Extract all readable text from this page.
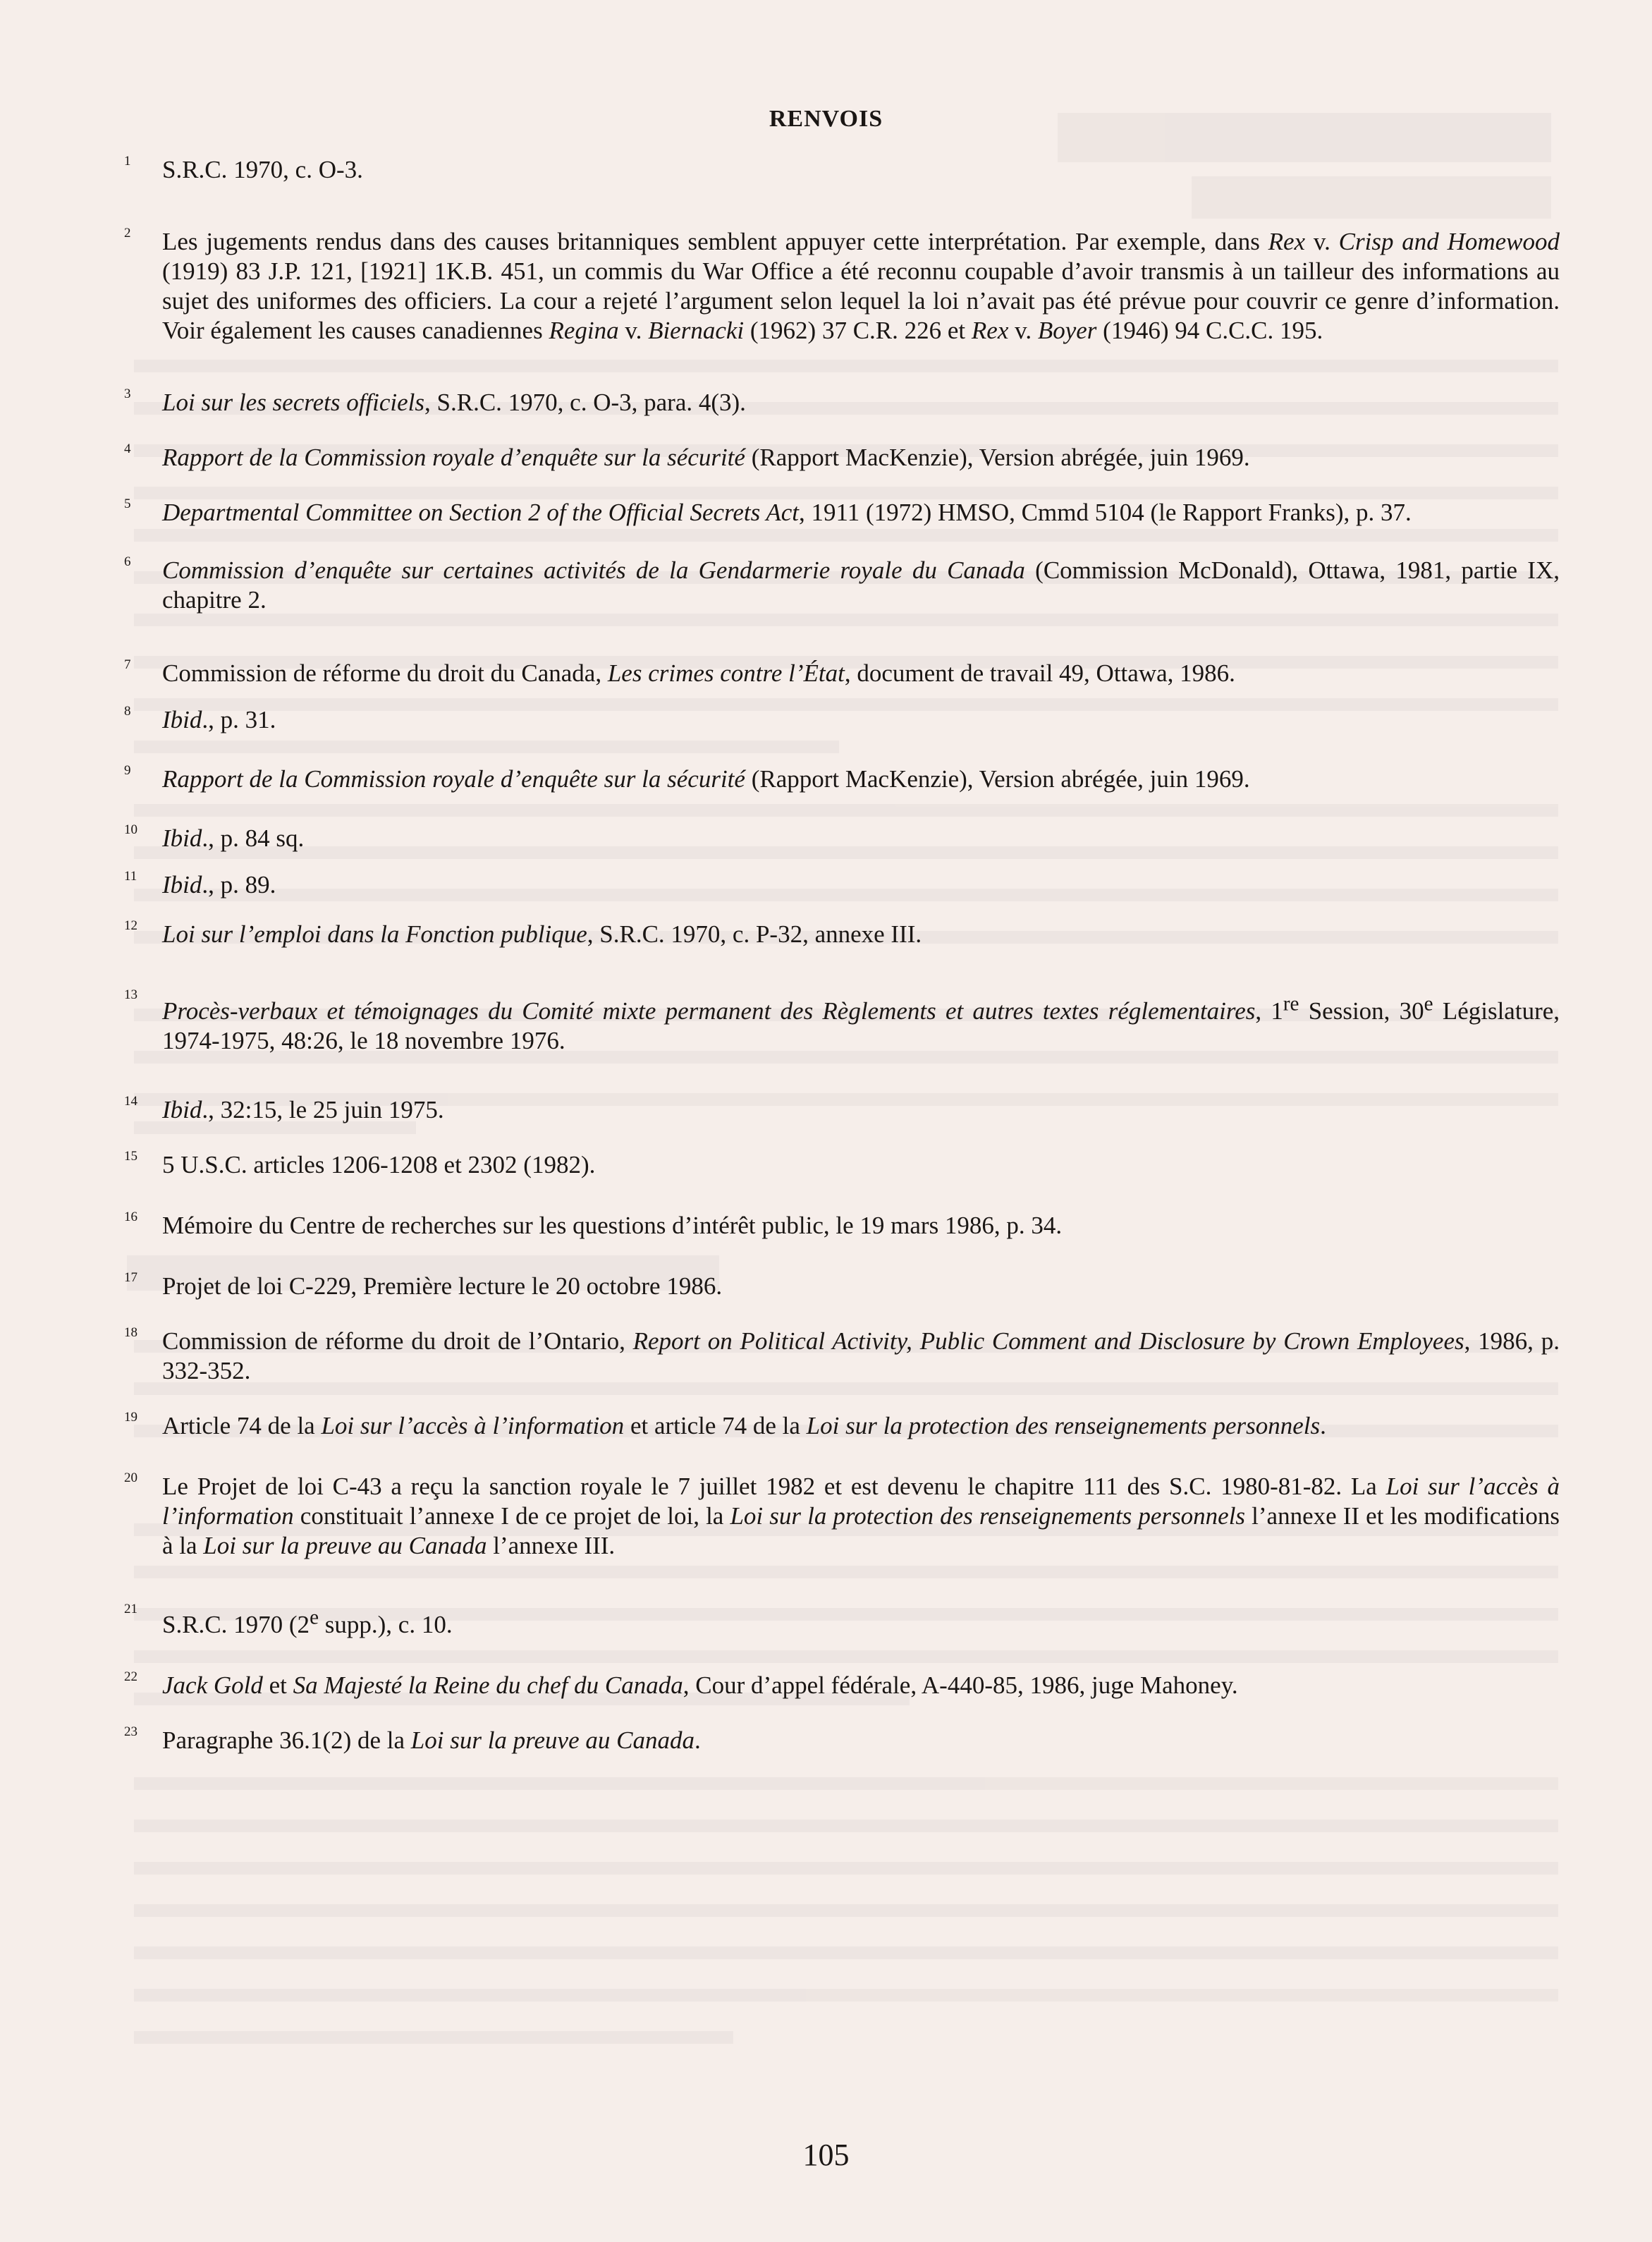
RENVOIS
1 S.R.C. 1970, c. O-3.
2 Les jugements rendus dans des causes britanniques semblent appuyer cette interprétation. Par exemple, dans Rex v. Crisp and Homewood (1919) 83 J.P. 121, [1921] 1K.B. 451, un commis du War Office a été reconnu coupable d’avoir transmis à un tailleur des informations au sujet des uniformes des officiers. La cour a rejeté l’argument selon lequel la loi n’avait pas été prévue pour couvrir ce genre d’information. Voir également les causes canadiennes Regina v. Biernacki (1962) 37 C.R. 226 et Rex v. Boyer (1946) 94 C.C.C. 195.
3 Loi sur les secrets officiels, S.R.C. 1970, c. O-3, para. 4(3).
4 Rapport de la Commission royale d’enquête sur la sécurité (Rapport MacKenzie), Version abrégée, juin 1969.
5 Departmental Committee on Section 2 of the Official Secrets Act, 1911 (1972) HMSO, Cmmd 5104 (le Rapport Franks), p. 37.
6 Commission d’enquête sur certaines activités de la Gendarmerie royale du Canada (Commission McDonald), Ottawa, 1981, partie IX, chapitre 2.
7 Commission de réforme du droit du Canada, Les crimes contre l’État, document de travail 49, Ottawa, 1986.
8 Ibid., p. 31.
9 Rapport de la Commission royale d’enquête sur la sécurité (Rapport MacKenzie), Version abrégée, juin 1969.
10 Ibid., p. 84 sq.
11 Ibid., p. 89.
12 Loi sur l’emploi dans la Fonction publique, S.R.C. 1970, c. P-32, annexe III.
13
Procès-verbaux et témoignages du Comité mixte permanent des Règlements et autres textes réglementaires, 1re Session, 30e Législature, 1974-1975, 48:26, le 18 novembre 1976.
14 Ibid., 32:15, le 25 juin 1975.
15 5 U.S.C. articles 1206-1208 et 2302 (1982).
16 Mémoire du Centre de recherches sur les questions d’intérêt public, le 19 mars 1986, p. 34.
17 Projet de loi C-229, Première lecture le 20 octobre 1986.
18 Commission de réforme du droit de l’Ontario, Report on Political Activity, Public Comment and Disclosure by Crown Employees, 1986, p. 332-352.
19 Article 74 de la Loi sur l’accès à l’information et article 74 de la Loi sur la protection des renseignements personnels.
20 Le Projet de loi C-43 a reçu la sanction royale le 7 juillet 1982 et est devenu le chapitre 111 des S.C. 1980-81-82. La Loi sur l’accès à l’information constituait l’annexe I de ce projet de loi, la Loi sur la protection des renseignements personnels l’annexe II et les modifications à la Loi sur la preuve au Canada l’annexe III.
21
S.R.C. 1970 (2e supp.), c. 10.
22 Jack Gold et Sa Majesté la Reine du chef du Canada, Cour d’appel fédérale, A-440-85, 1986, juge Mahoney.
23 Paragraphe 36.1(2) de la Loi sur la preuve au Canada.
105
